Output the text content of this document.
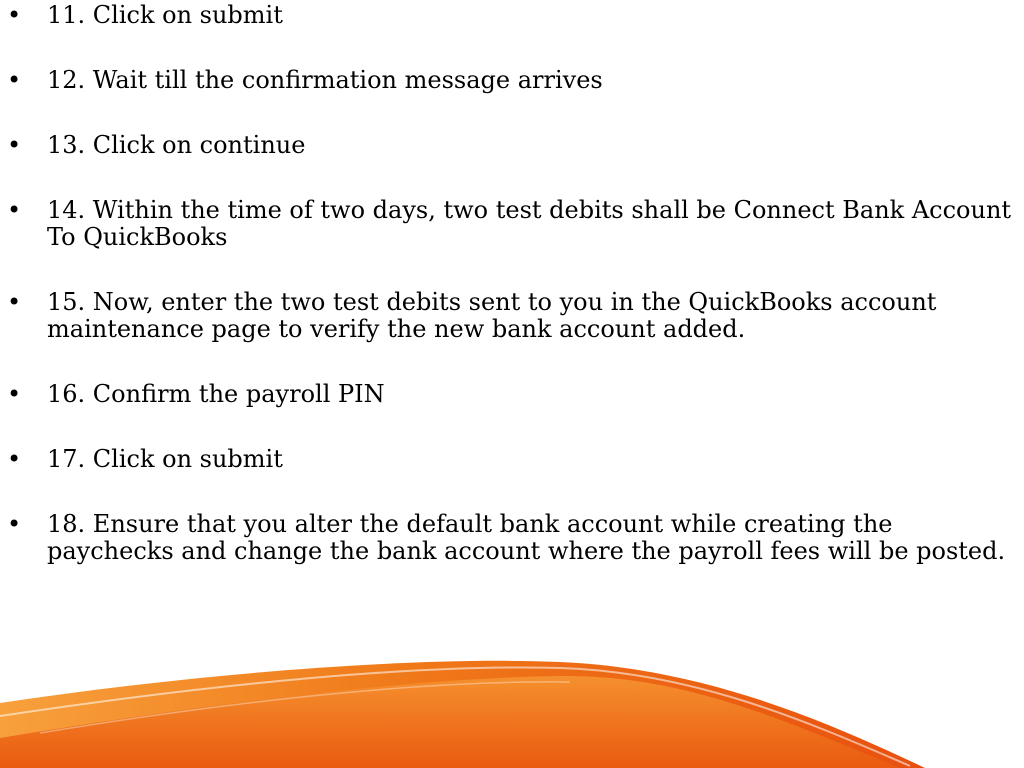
• 11. Click on submit
• 12. Wait till the confirmation message arrives
• 13. Click on continue
• 14. Within the time of two days, two test debits shall be Connect Bank Account To QuickBooks
• 15. Now, enter the two test debits sent to you in the QuickBooks account maintenance page to verify the new bank account added.
• 16. Confirm the payroll PIN
• 17. Click on submit
• 18. Ensure that you alter the default bank account while creating the paychecks and change the bank account where the payroll fees will be posted.
